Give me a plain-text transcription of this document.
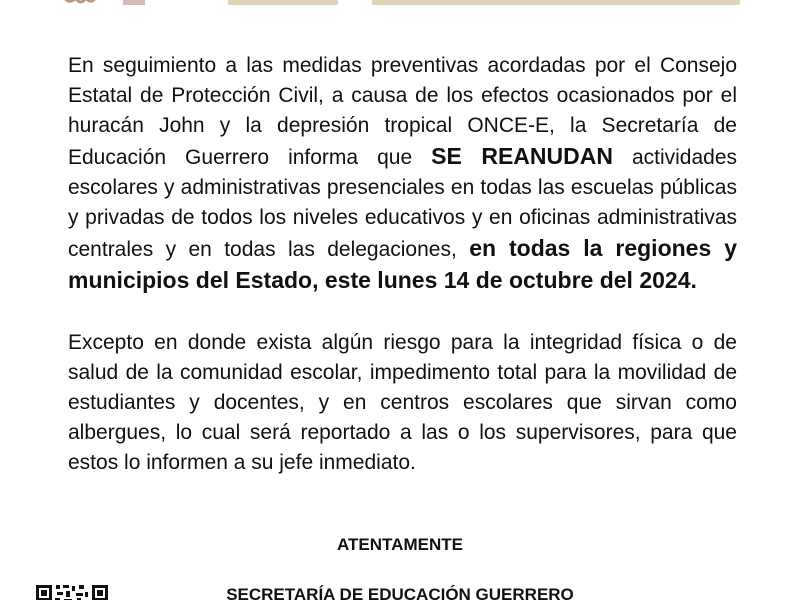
En seguimiento a las medidas preventivas acordadas por el Consejo Estatal de Protección Civil, a causa de los efectos ocasionados por el huracán John y la depresión tropical ONCE-E, la Secretaría de Educación Guerrero informa que SE REANUDAN actividades escolares y administrativas presenciales en todas las escuelas públicas y privadas de todos los niveles educativos y en oficinas administrativas centrales y en todas las delegaciones, en todas la regiones y municipios del Estado, este lunes 14 de octubre del 2024.

Excepto en donde exista algún riesgo para la integridad física o de salud de la comunidad escolar, impedimento total para la movilidad de estudiantes y docentes, y en centros escolares que sirvan como albergues, lo cual será reportado a las o los supervisores, para que estos lo informen a su jefe inmediato.

ATENTAMENTE
SECRETARÍA DE EDUCACIÓN GUERRERO
